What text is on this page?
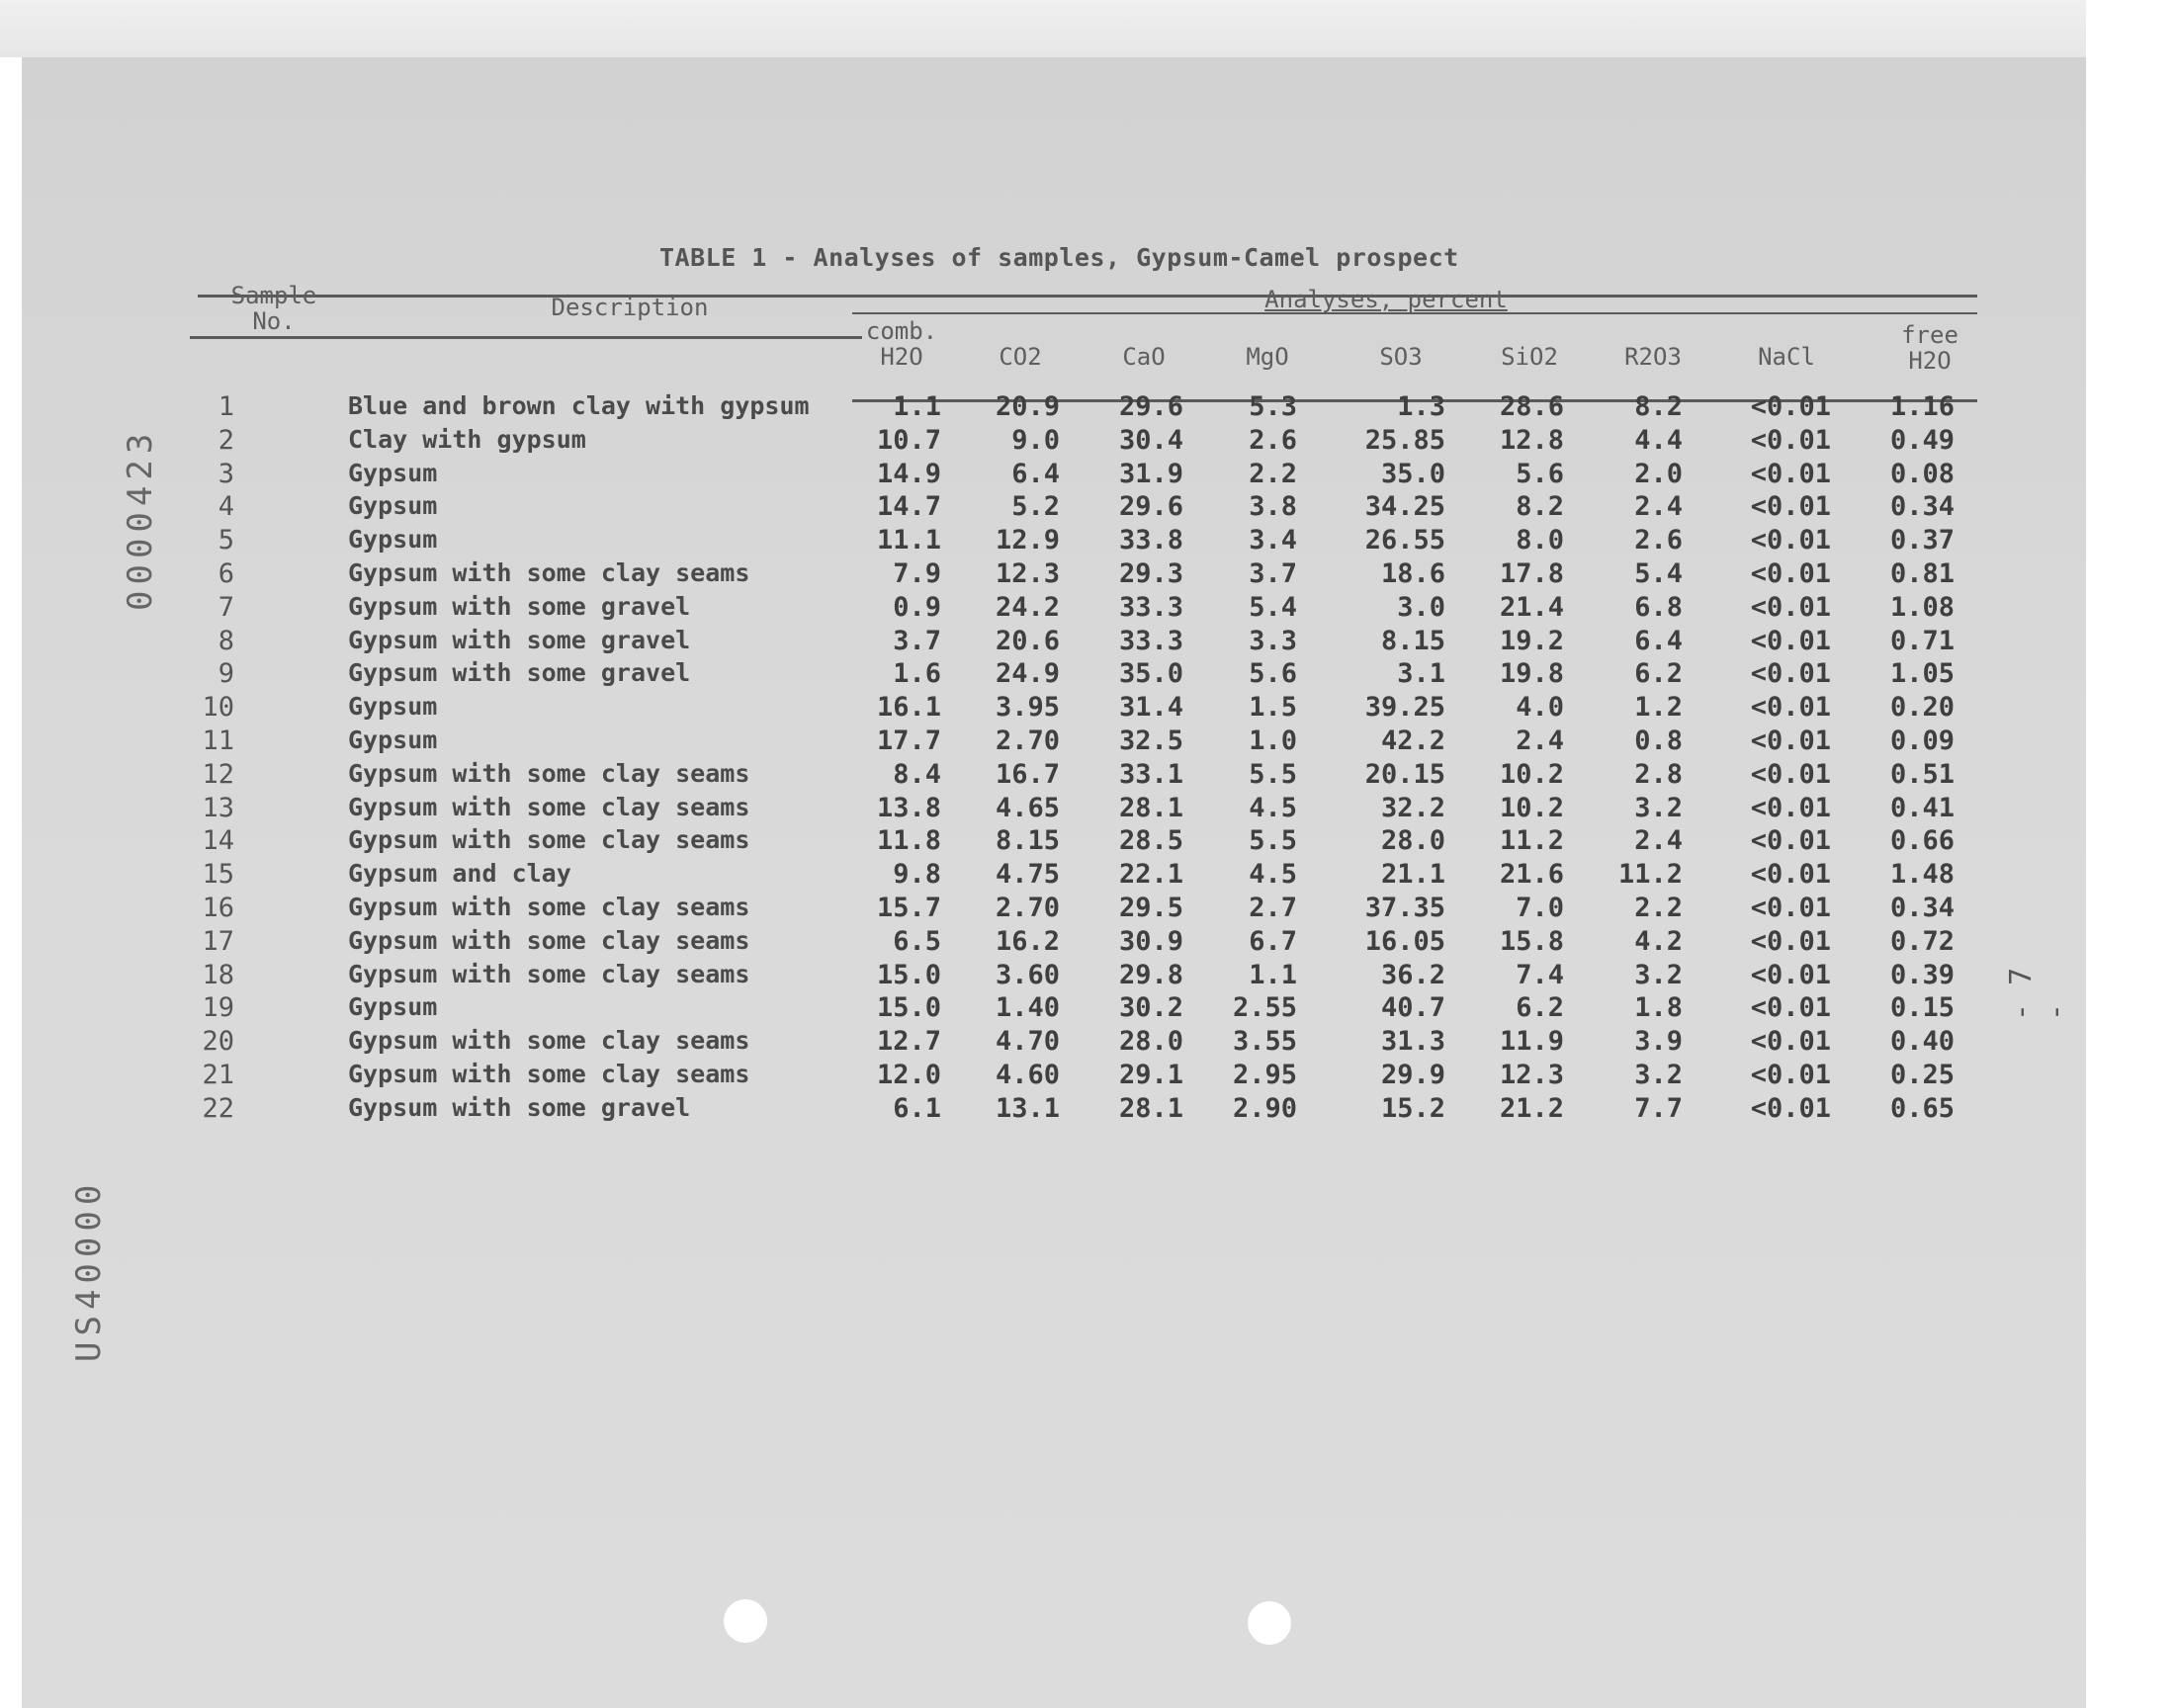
TABLE 1 - Analyses of samples, Gypsum-Camel prospect
Sample
No.	Description	Analyses, percent
comb.
H2O	CO2	CaO	MgO	SO3	SiO2	R2O3	NaCl
free
H2O
1	Blue and brown clay with gypsum	1.1	20.9	29.6	5.3	1.3	28.6	8.2	<0.01	1.16
2	Clay with gypsum	10.7	9.0	30.4	2.6	25.85	12.8	4.4	<0.01	0.49
3	Gypsum	14.9	6.4	31.9	2.2	35.0	5.6	2.0	<0.01	0.08
4	Gypsum	14.7	5.2	29.6	3.8	34.25	8.2	2.4	<0.01	0.34
5	Gypsum	11.1	12.9	33.8	3.4	26.55	8.0	2.6	<0.01	0.37
6	Gypsum with some clay seams	7.9	12.3	29.3	3.7	18.6	17.8	5.4	<0.01	0.81
7	Gypsum with some gravel	0.9	24.2	33.3	5.4	3.0	21.4	6.8	<0.01	1.08
8	Gypsum with some gravel	3.7	20.6	33.3	3.3	8.15	19.2	6.4	<0.01	0.71
9	Gypsum with some gravel	1.6	24.9	35.0	5.6	3.1	19.8	6.2	<0.01	1.05
10	Gypsum	16.1	3.95	31.4	1.5	39.25	4.0	1.2	<0.01	0.20
11	Gypsum	17.7	2.70	32.5	1.0	42.2	2.4	0.8	<0.01	0.09
12	Gypsum with some clay seams	8.4	16.7	33.1	5.5	20.15	10.2	2.8	<0.01	0.51
13	Gypsum with some clay seams	13.8	4.65	28.1	4.5	32.2	10.2	3.2	<0.01	0.41
14	Gypsum with some clay seams	11.8	8.15	28.5	5.5	28.0	11.2	2.4	<0.01	0.66
15	Gypsum and clay	9.8	4.75	22.1	4.5	21.1	21.6	11.2	<0.01	1.48
16	Gypsum with some clay seams	15.7	2.70	29.5	2.7	37.35	7.0	2.2	<0.01	0.34
17	Gypsum with some clay seams	6.5	16.2	30.9	6.7	16.05	15.8	4.2	<0.01	0.72
18	Gypsum with some clay seams	15.0	3.60	29.8	1.1	36.2	7.4	3.2	<0.01	0.39
19	Gypsum	15.0	1.40	30.2	2.55	40.7	6.2	1.8	<0.01	0.15
20	Gypsum with some clay seams	12.7	4.70	28.0	3.55	31.3	11.9	3.9	<0.01	0.40
21	Gypsum with some clay seams	12.0	4.60	29.1	2.95	29.9	12.3	3.2	<0.01	0.25
22	Gypsum with some gravel	6.1	13.1	28.1	2.90	15.2	21.2	7.7	<0.01	0.65
0000423
US40000
- 7 -
